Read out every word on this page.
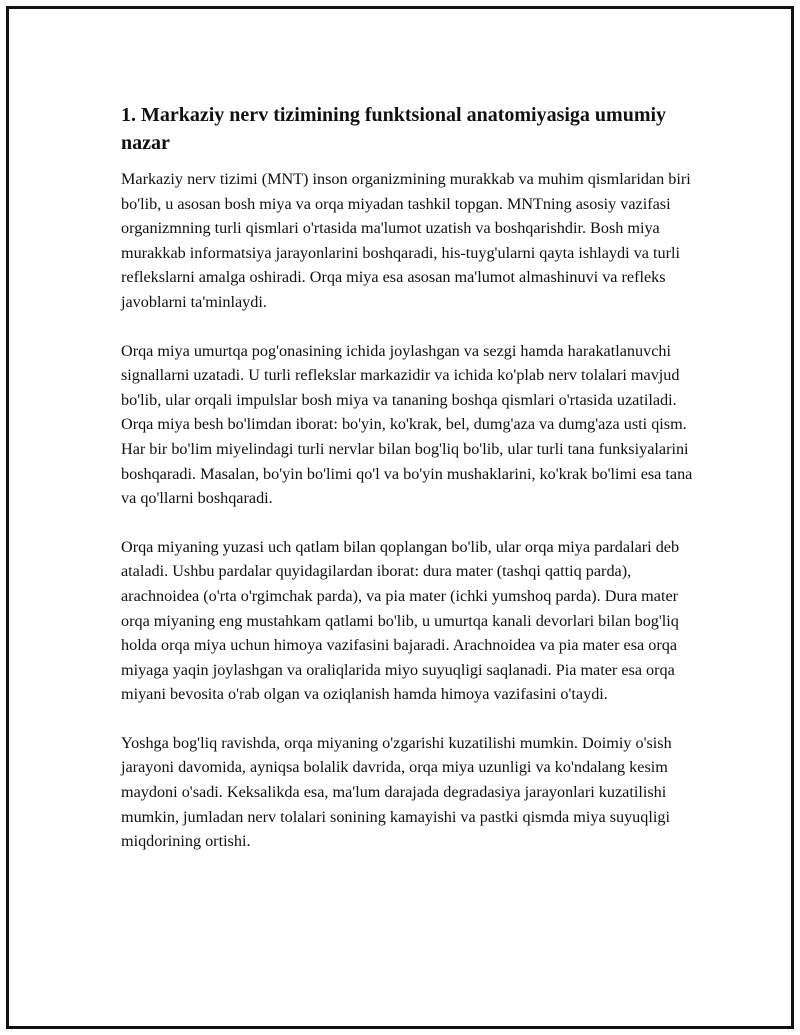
1. Markaziy nerv tizimining funktsional anatomiyasiga umumiy nazar

Markaziy nerv tizimi (MNT) inson organizmining murakkab va muhim qismlaridan biri bo'lib, u asosan bosh miya va orqa miyadan tashkil topgan. MNTning asosiy vazifasi organizmning turli qismlari o'rtasida ma'lumot uzatish va boshqarishdir. Bosh miya murakkab informatsiya jarayonlarini boshqaradi, his-tuyg'ularni qayta ishlaydi va turli reflekslarni amalga oshiradi. Orqa miya esa asosan ma'lumot almashinuvi va refleks javoblarni ta'minlaydi.

Orqa miya umurtqa pog'onasining ichida joylashgan va sezgi hamda harakatlanuvchi signallarni uzatadi. U turli reflekslar markazidir va ichida ko'plab nerv tolalari mavjud bo'lib, ular orqali impulslar bosh miya va tananing boshqa qismlari o'rtasida uzatiladi. Orqa miya besh bo'limdan iborat: bo'yin, ko'krak, bel, dumg'aza va dumg'aza usti qism. Har bir bo'lim miyelindagi turli nervlar bilan bog'liq bo'lib, ular turli tana funksiyalarini boshqaradi. Masalan, bo'yin bo'limi qo'l va bo'yin mushaklarini, ko'krak bo'limi esa tana va qo'llarni boshqaradi.

Orqa miyaning yuzasi uch qatlam bilan qoplangan bo'lib, ular orqa miya pardalari deb ataladi. Ushbu pardalar quyidagilardan iborat: dura mater (tashqi qattiq parda), arachnoidea (o'rta o'rgimchak parda), va pia mater (ichki yumshoq parda). Dura mater orqa miyaning eng mustahkam qatlami bo'lib, u umurtqa kanali devorlari bilan bog'liq holda orqa miya uchun himoya vazifasini bajaradi. Arachnoidea va pia mater esa orqa miyaga yaqin joylashgan va oraliqlarida miyo suyuqligi saqlanadi. Pia mater esa orqa miyani bevosita o'rab olgan va oziqlanish hamda himoya vazifasini o'taydi.

Yoshga bog'liq ravishda, orqa miyaning o'zgarishi kuzatilishi mumkin. Doimiy o'sish jarayoni davomida, ayniqsa bolalik davrida, orqa miya uzunligi va ko'ndalang kesim maydoni o'sadi. Keksalikda esa, ma'lum darajada degradasiya jarayonlari kuzatilishi mumkin, jumladan nerv tolalari sonining kamayishi va pastki qismda miya suyuqligi miqdorining ortishi.
